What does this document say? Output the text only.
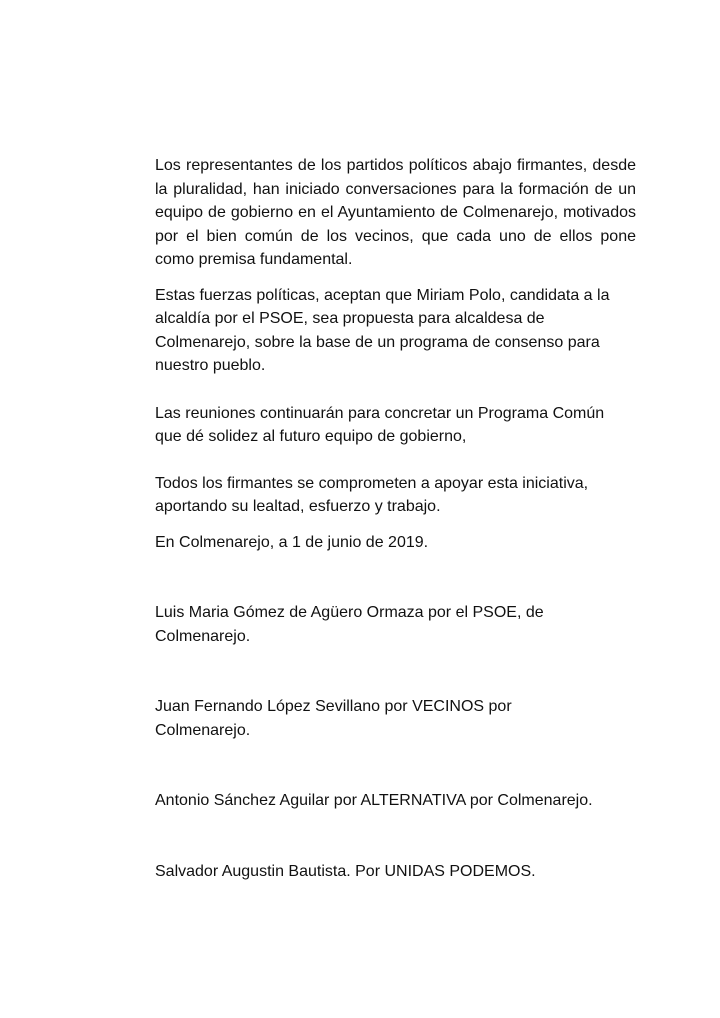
Los representantes de los partidos políticos abajo firmantes, desde la pluralidad, han iniciado conversaciones para la formación de un equipo de gobierno en el Ayuntamiento de Colmenarejo, motivados por el bien común de los vecinos, que cada uno de ellos pone como premisa fundamental.

Estas fuerzas políticas, aceptan que Miriam Polo, candidata a la alcaldía por el PSOE, sea propuesta para alcaldesa de Colmenarejo, sobre la base de un programa de consenso para nuestro pueblo.

Las reuniones continuarán para concretar un Programa Común que dé solidez al futuro equipo de gobierno,

Todos los firmantes se comprometen a apoyar esta iniciativa, aportando su lealtad, esfuerzo y trabajo.

En Colmenarejo, a 1 de junio de 2019.

Luis Maria Gómez de Agüero Ormaza por el PSOE, de Colmenarejo.

Juan Fernando López Sevillano por VECINOS por Colmenarejo.

Antonio Sánchez Aguilar por ALTERNATIVA por Colmenarejo.

Salvador Augustin Bautista. Por UNIDAS PODEMOS.
